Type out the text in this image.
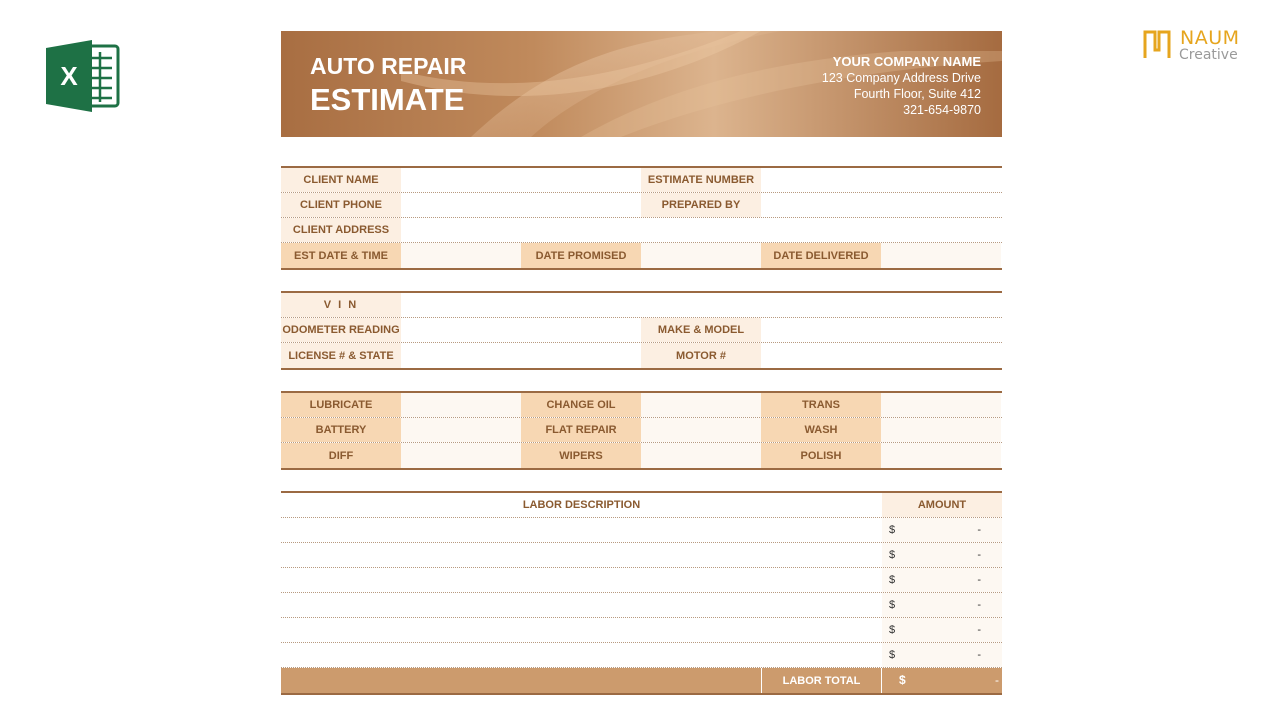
X
NAUM
Creative
AUTO REPAIR
ESTIMATE
YOUR COMPANY NAME
123 Company Address Drive
Fourth Floor, Suite 412
321-654-9870
CLIENT NAME	ESTIMATE NUMBER
CLIENT PHONE	PREPARED BY
CLIENT ADDRESS
EST DATE & TIME	DATE PROMISED	DATE DELIVERED
V I N
ODOMETER READING	MAKE & MODEL
LICENSE # & STATE	MOTOR #
LUBRICATE	CHANGE OIL	TRANS
BATTERY	FLAT REPAIR	WASH
DIFF	WIPERS	POLISH
LABOR DESCRIPTION	AMOUNT
$	-
$	-
$	-
$	-
$	-
$	-
LABOR TOTAL	$	-
